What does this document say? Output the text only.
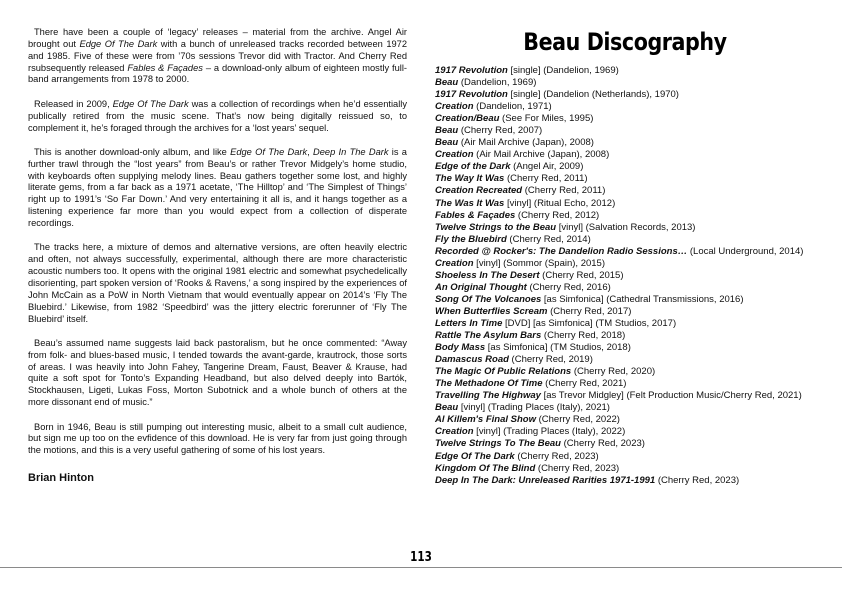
There have been a couple of ‘legacy’ releases – material from the archive. Angel Air brought out Edge Of The Dark with a bunch of unreleased tracks recorded between 1972 and 1985. Five of these were from ’70s sessions Trevor did with Tractor. And Cherry Red rsubsequently released Fables & Façades – a download-only album of eighteen mostly full-band arrangements from 1978 to 2000.

Released in 2009, Edge Of The Dark was a collection of recordings when he’d essentially publically retired from the music scene. That’s now being digitally reissued so, to complement it, he’s foraged through the archives for a ‘lost years’ sequel.

This is another download-only album, and like Edge Of The Dark, Deep In The Dark is a further trawl through the “lost years” from Beau’s or rather Trevor Midgely’s home studio, with keyboards often supplying melody lines. Beau gathers together some lost, and highly literate gems, from a far back as a 1971 acetate, ‘The Hilltop’ and ‘The Simplest of Things’ right up to 1991’s ‘So Far Down.’ And very entertaining it all is, and it hangs together as a listening experience far more than you would expect from a collection of disperate recordings.

The tracks here, a mixture of demos and alternative versions, are often heavily electric and often, not always successfully, experimental, although there are more characteristic acoustic numbers too. It opens with the original 1981 electric and somewhat psychedelically disorienting, part spoken version of ‘Rooks & Ravens,’ a song inspired by the experiences of John McCain as a PoW in North Vietnam that would eventually appear on 2014’s ‘Fly The Bluebird.’ Likewise, from 1982 ‘Speedbird’ was the jittery electric forerunner of ‘Fly The Bluebird’ itself.

Beau’s assumed name suggests laid back pastoralism, but he once commented: “Away from folk- and blues-based music, I tended towards the avant-garde, krautrock, those sorts of areas. I was heavily into John Fahey, Tangerine Dream, Faust, Beaver & Krause, had quite a soft spot for Tonto’s Expanding Headband, but also delved deeply into Bartók, Stockhausen, Ligeti, Lukas Foss, Morton Subotnick and a whole bunch of others at the more dissonant end of music.”

Born in 1946, Beau is still pumping out interesting music, albeit to a small cult audience, but sign me up too on the evfidence of this download. He is very far from just going through the motions, and this is a very useful gathering of some of his lost years.

Brian Hinton

Beau Discography
1917 Revolution [single] (Dandelion, 1969)
Beau (Dandelion, 1969)
1917 Revolution [single] (Dandelion (Netherlands), 1970)
Creation (Dandelion, 1971)
Creation/Beau (See For Miles, 1995)
Beau (Cherry Red, 2007)
Beau (Air Mail Archive (Japan), 2008)
Creation (Air Mail Archive (Japan), 2008)
Edge of the Dark (Angel Air, 2009)
The Way It Was (Cherry Red, 2011)
Creation Recreated (Cherry Red, 2011)
The Was It Was [vinyl] (Ritual Echo, 2012)
Fables & Façades (Cherry Red, 2012)
Twelve Strings to the Beau [vinyl] (Salvation Records, 2013)
Fly the Bluebird (Cherry Red, 2014)
Recorded @ Rocker's: The Dandelion Radio Sessions… (Local Underground, 2014)
Creation [vinyl] (Sommor (Spain), 2015)
Shoeless In The Desert (Cherry Red, 2015)
An Original Thought (Cherry Red, 2016)
Song Of The Volcanoes [as Simfonica] (Cathedral Transmissions, 2016)
When Butterflies Scream (Cherry Red, 2017)
Letters In Time [DVD] [as Simfonica] (TM Studios, 2017)
Rattle The Asylum Bars (Cherry Red, 2018)
Body Mass [as Simfonica] (TM Studios, 2018)
Damascus Road (Cherry Red, 2019)
The Magic Of Public Relations (Cherry Red, 2020)
The Methadone Of Time (Cherry Red, 2021)
Travelling The Highway [as Trevor Midgley] (Felt Production Music/Cherry Red, 2021)
Beau [vinyl] (Trading Places (Italy), 2021)
Al Killem's Final Show (Cherry Red, 2022)
Creation [vinyl] (Trading Places (Italy), 2022)
Twelve Strings To The Beau (Cherry Red, 2023)
Edge Of The Dark (Cherry Red, 2023)
Kingdom Of The Blind (Cherry Red, 2023)
Deep In The Dark: Unreleased Rarities 1971-1991 (Cherry Red, 2023)
113
